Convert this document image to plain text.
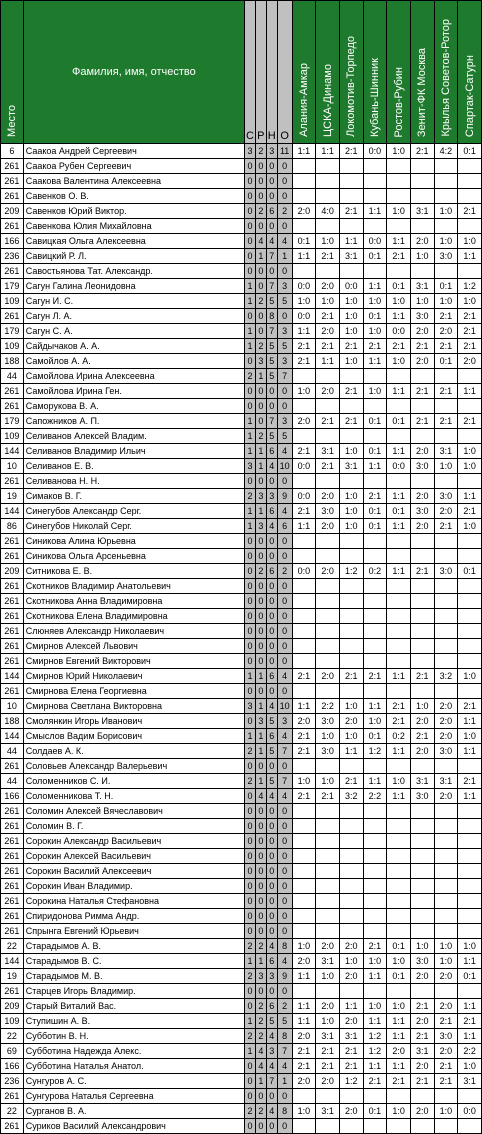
Место	Фамилия, имя, отчество	С	Р	Н	О	Алания-Амкар	ЦСКА-Динамо	Локомотив-Торпедо	Кубань-Шинник	Ростов-Рубин	Зенит-ФК Москва	Крылья Советов-Ротор	Спартак-Сатурн
6	Саакоа Андрей Сергеевич	3	2	3	11	1:1	1:1	2:1	0:0	1:0	2:1	4:2	0:1
261	Саакоа Рубен Сергеевич	0	0	0	0								
261	Саакова Валентина Алексеевна	0	0	0	0								
261	Савенков О. В.	0	0	0	0								
209	Савенков Юрий Виктор.	0	2	6	2	2:0	4:0	2:1	1:1	1:0	3:1	1:0	2:1
261	Савенкова Юлия Михайловна	0	0	0	0								
166	Савицкая Ольга Алексеевна	0	4	4	4	0:1	1:0	1:1	0:0	1:1	2:0	1:0	1:0
236	Савицкий Р. Л.	0	1	7	1	1:1	2:1	3:1	0:1	2:1	1:0	3:0	1:1
261	Савостьянова Тат. Александр.	0	0	0	0								
179	Сагун Галина Леонидовна	1	0	7	3	0:0	2:0	0:0	1:1	0:1	3:1	0:1	1:2
109	Сагун И. С.	1	2	5	5	1:0	1:0	1:0	1:0	1:0	1:0	1:0	1:0
261	Сагун Л. А.	0	0	8	0	0:0	2:1	1:0	0:1	1:1	3:0	2:1	2:1
179	Сагун С. А.	1	0	7	3	1:1	2:0	1:0	1:0	0:0	2:0	2:0	2:1
109	Сайдычаков А. А.	1	2	5	5	2:1	2:1	2:1	2:1	2:1	2:1	2:1	2:1
188	Самойлов А. А.	0	3	5	3	2:1	1:1	1:0	1:1	1:0	2:0	0:1	2:0
44	Самойлова Ирина Алексеевна	2	1	5	7								
261	Самойлова Ирина Ген.	0	0	0	0	1:0	2:0	2:1	1:0	1:1	2:1	2:1	1:1
261	Саморукова В. А.	0	0	0	0								
179	Сапожников А. П.	1	0	7	3	2:0	2:1	2:1	0:1	0:1	2:1	2:1	2:1
109	Селиванов Алексей Владим.	1	2	5	5								
144	Селиванов Владимир Ильич	1	1	6	4	2:1	3:1	1:0	0:1	1:1	2:0	3:1	1:0
10	Селиванов Е. В.	3	1	4	10	0:0	2:1	3:1	1:1	0:0	3:0	1:0	1:0
261	Селиванова Н. Н.	0	0	0	0								
19	Симаков В. Г.	2	3	3	9	0:0	2:0	1:0	2:1	1:1	2:0	3:0	1:1
144	Синегубов Александр Серг.	1	1	6	4	2:1	3:0	1:0	0:1	0:1	3:0	2:0	2:1
86	Синегубов Николай Серг.	1	3	4	6	1:1	2:0	1:0	0:1	1:1	2:0	2:1	1:0
261	Синикова Алина Юрьевна	0	0	0	0								
261	Синикова Ольга Арсеньевна	0	0	0	0								
209	Ситникова Е. В.	0	2	6	2	0:0	2:0	1:2	0:2	1:1	2:1	3:0	0:1
261	Скотников Владимир Анатольевич	0	0	0	0								
261	Скотникова Анна Владимировна	0	0	0	0								
261	Скотникова Елена Владимировна	0	0	0	0								
261	Слюняев Александр Николаевич	0	0	0	0								
261	Смирнов Алексей Львович	0	0	0	0								
261	Смирнов Евгений Викторович	0	0	0	0								
144	Смирнов Юрий Николаевич	1	1	6	4	2:1	2:0	2:1	2:1	1:1	2:1	3:2	1:0
261	Смирнова Елена Георгиевна	0	0	0	0								
10	Смирнова Светлана Викторовна	3	1	4	10	1:1	2:2	1:0	1:1	2:1	1:0	2:0	2:1
188	Смолянкин Игорь Иванович	0	3	5	3	2:0	3:0	2:0	1:0	2:1	2:0	2:0	1:1
144	Смыслов Вадим Борисович	1	1	6	4	2:1	1:0	1:0	0:1	0:2	2:1	2:0	1:0
44	Солдаев А. К.	2	1	5	7	2:1	3:0	1:1	1:2	1:1	2:0	3:0	1:1
261	Соловьев Александр Валерьевич	0	0	0	0								
44	Соломенников С. И.	2	1	5	7	1:0	1:0	2:1	1:1	1:0	3:1	3:1	2:1
166	Соломенникова Т. Н.	0	4	4	4	2:1	2:1	3:2	2:2	1:1	3:0	2:0	1:1
261	Соломин Алексей Вячеславович	0	0	0	0								
261	Соломин В. Г.	0	0	0	0								
261	Сорокин Александр Васильевич	0	0	0	0								
261	Сорокин Алексей Васильевич	0	0	0	0								
261	Сорокин Василий Алексеевич	0	0	0	0								
261	Сорокин Иван Владимир.	0	0	0	0								
261	Сорокина Наталья Стефановна	0	0	0	0								
261	Спиридонова Римма Андр.	0	0	0	0								
261	Спрынга Евгений Юрьевич	0	0	0	0								
22	Старадымов А. В.	2	2	4	8	1:0	2:0	2:0	2:1	0:1	1:0	1:0	1:0
144	Старадымов В. С.	1	1	6	4	2:0	3:1	1:0	1:0	1:0	3:0	1:0	1:1
19	Старадымов М. В.	2	3	3	9	1:1	1:0	2:0	1:1	0:1	2:0	2:0	0:1
261	Старцев Игорь Владимир.	0	0	0	0								
209	Старый Виталий Вас.	0	2	6	2	1:1	2:0	1:1	1:0	1:0	2:1	2:0	1:1
109	Ступишин А. В.	1	2	5	5	1:1	1:0	2:0	1:1	1:1	2:0	2:1	2:1
22	Субботин В. Н.	2	2	4	8	2:0	3:1	3:1	1:2	1:1	2:1	3:0	1:1
69	Субботина Надежда Алекс.	1	4	3	7	2:1	2:1	2:1	1:2	2:0	3:1	2:0	2:2
166	Субботина Наталья Анатол.	0	4	4	4	2:1	2:1	2:1	1:1	1:1	2:0	2:1	1:0
236	Сунгуров А. С.	0	1	7	1	2:0	2:0	1:2	2:1	2:1	2:1	2:1	3:1
261	Сунгурова Наталья Сергеевна	0	0	0	0								
22	Сурганов В. А.	2	2	4	8	1:0	3:1	2:0	0:1	1:0	2:0	1:0	0:0
261	Суриков Василий Александрович	0	0	0	0								
